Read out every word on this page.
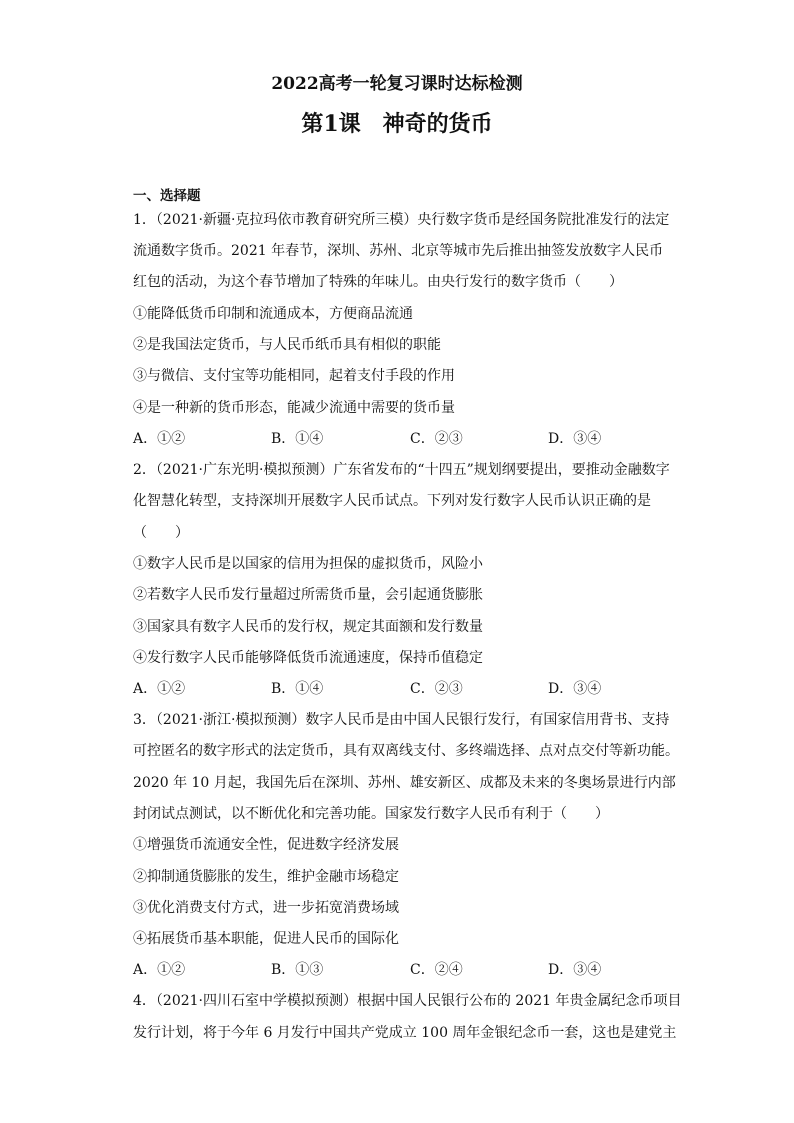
2022高考一轮复习课时达标检测
第1课　神奇的货币
一、选择题
1．（2021·新疆·克拉玛依市教育研究所三模）央行数字货币是经国务院批准发行的法定
流通数字货币。2021 年春节，深圳、苏州、北京等城市先后推出抽签发放数字人民币
红包的活动，为这个春节增加了特殊的年味儿。由央行发行的数字货币（　　）
①能降低货币印制和流通成本，方便商品流通
②是我国法定货币，与人民币纸币具有相似的职能
③与微信、支付宝等功能相同，起着支付手段的作用
④是一种新的货币形态，能减少流通中需要的货币量
A．①②	B．①④	C．②③	D．③④
2．（2021·广东光明·模拟预测）广东省发布的“十四五”规划纲要提出，要推动金融数字
化智慧化转型，支持深圳开展数字人民币试点。下列对发行数字人民币认识正确的是
（　　）
①数字人民币是以国家的信用为担保的虚拟货币，风险小
②若数字人民币发行量超过所需货币量，会引起通货膨胀
③国家具有数字人民币的发行权，规定其面额和发行数量
④发行数字人民币能够降低货币流通速度，保持币值稳定
A．①②	B．①④	C．②③	D．③④
3．（2021·浙江·模拟预测）数字人民币是由中国人民银行发行，有国家信用背书、支持
可控匿名的数字形式的法定货币，具有双离线支付、多终端选择、点对点交付等新功能。
2020 年 10 月起，我国先后在深圳、苏州、雄安新区、成都及未来的冬奥场景进行内部
封闭试点测试，以不断优化和完善功能。国家发行数字人民币有利于（　　）
①增强货币流通安全性，促进数字经济发展
②抑制通货膨胀的发生，维护金融市场稳定
③优化消费支付方式，进一步拓宽消费场域
④拓展货币基本职能，促进人民币的国际化
A．①②	B．①③	C．②④	D．③④
4．（2021·四川石室中学模拟预测）根据中国人民银行公布的 2021 年贵金属纪念币项目
发行计划，将于今年 6 月发行中国共产党成立 100 周年金银纪念币一套，这也是建党主
